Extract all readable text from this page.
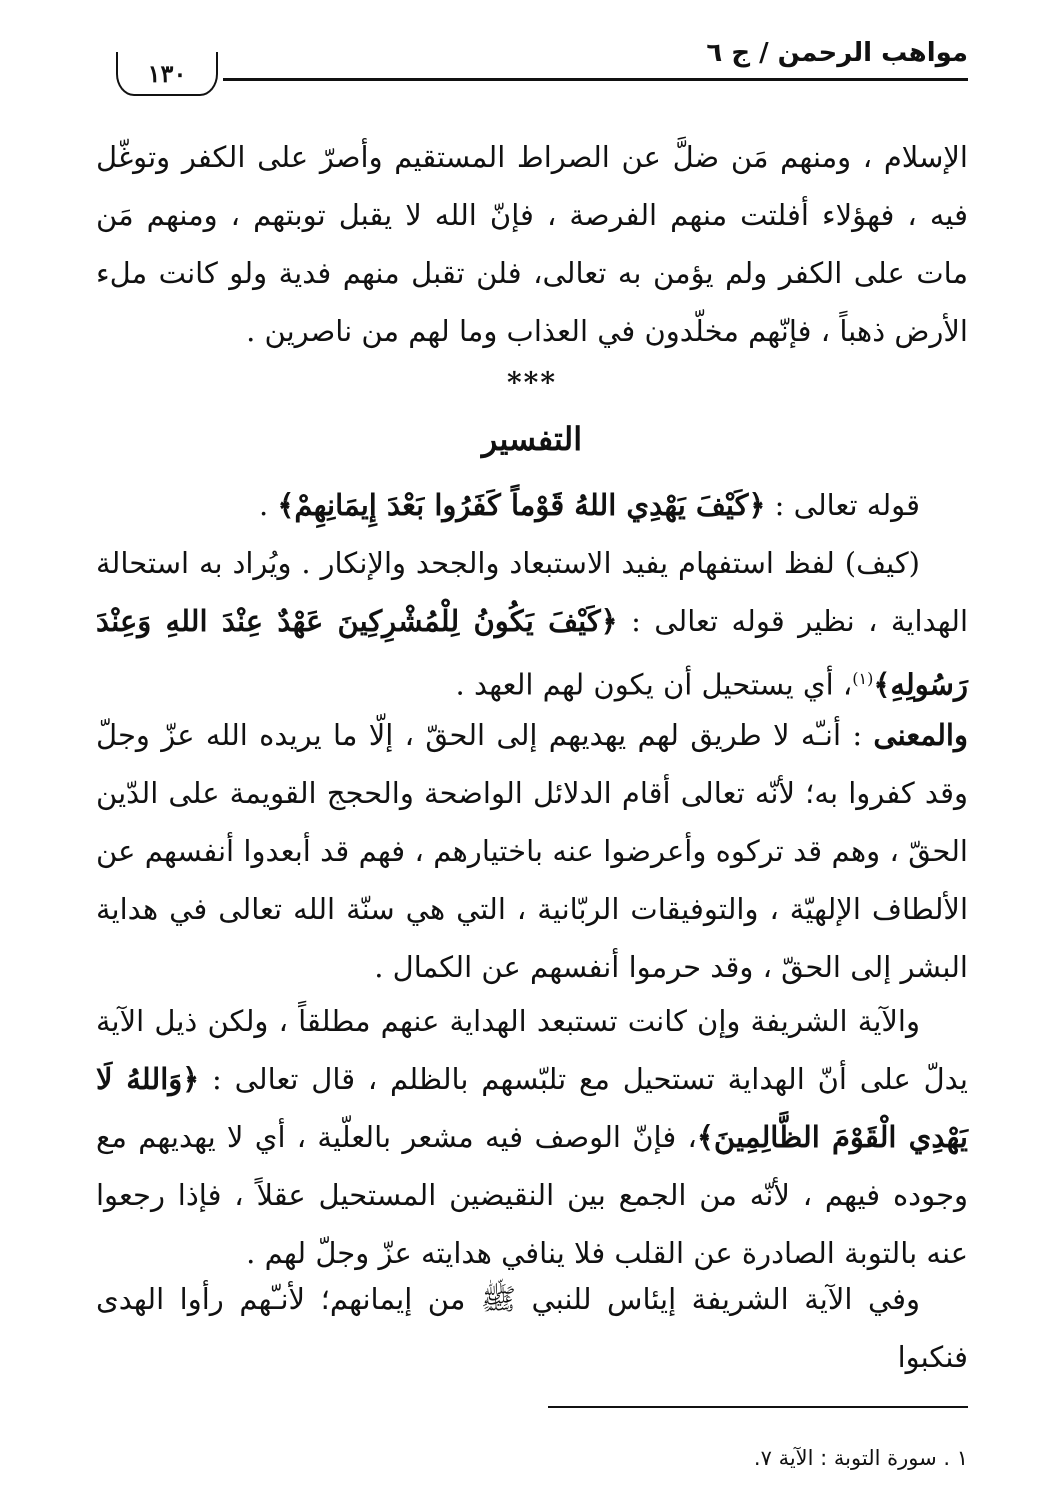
مواهب الرحمن / ج ٦
١٣٠

الإسلام ، ومنهم مَن ضلَّ عن الصراط المستقيم وأصرّ على الكفر وتوغّل فيه ، فهؤلاء أفلتت منهم الفرصة ، فإنّ الله لا يقبل توبتهم ، ومنهم مَن مات على الكفر ولم يؤمن به تعالى، فلن تقبل منهم فدية ولو كانت ملء الأرض ذهباً ، فإنّهم مخلّدون في العذاب وما لهم من ناصرين .

***
التفسير

قوله تعالى : ﴿كَيْفَ يَهْدِي اللهُ قَوْماً كَفَرُوا بَعْدَ إِيمَانِهِمْ﴾ .

(كيف) لفظ استفهام يفيد الاستبعاد والجحد والإنكار . ويُراد به استحالة الهداية ، نظير قوله تعالى : ﴿كَيْفَ يَكُونُ لِلْمُشْرِكِينَ عَهْدٌ عِنْدَ اللهِ وَعِنْدَ رَسُولِهِ﴾$^{(١)}$، أي يستحيل أن يكون لهم العهد .

والمعنى : أنـّه لا طريق لهم يهديهم إلى الحقّ ، إلّا ما يريده الله عزّ وجلّ وقد كفروا به؛ لأنّه تعالى أقام الدلائل الواضحة والحجج القويمة على الدّين الحقّ ، وهم قد تركوه وأعرضوا عنه باختيارهم ، فهم قد أبعدوا أنفسهم عن الألطاف الإلهيّة ، والتوفيقات الربّانية ، التي هي سنّة الله تعالى في هداية البشر إلى الحقّ ، وقد حرموا أنفسهم عن الكمال .

والآية الشريفة وإن كانت تستبعد الهداية عنهم مطلقاً ، ولكن ذيل الآية يدلّ على أنّ الهداية تستحيل مع تلبّسهم بالظلم ، قال تعالى : ﴿وَاللهُ لَا يَهْدِي الْقَوْمَ الظَّالِمِينَ﴾، فإنّ الوصف فيه مشعر بالعلّية ، أي لا يهديهم مع وجوده فيهم ، لأنّه من الجمع بين النقيضين المستحيل عقلاً ، فإذا رجعوا عنه بالتوبة الصادرة عن القلب فلا ينافي هدايته عزّ وجلّ لهم .

وفي الآية الشريفة إيئاس للنبي ﷺ من إيمانهم؛ لأنـّهم رأوا الهدى فنكبوا

١ . سورة التوبة : الآية ٧.
